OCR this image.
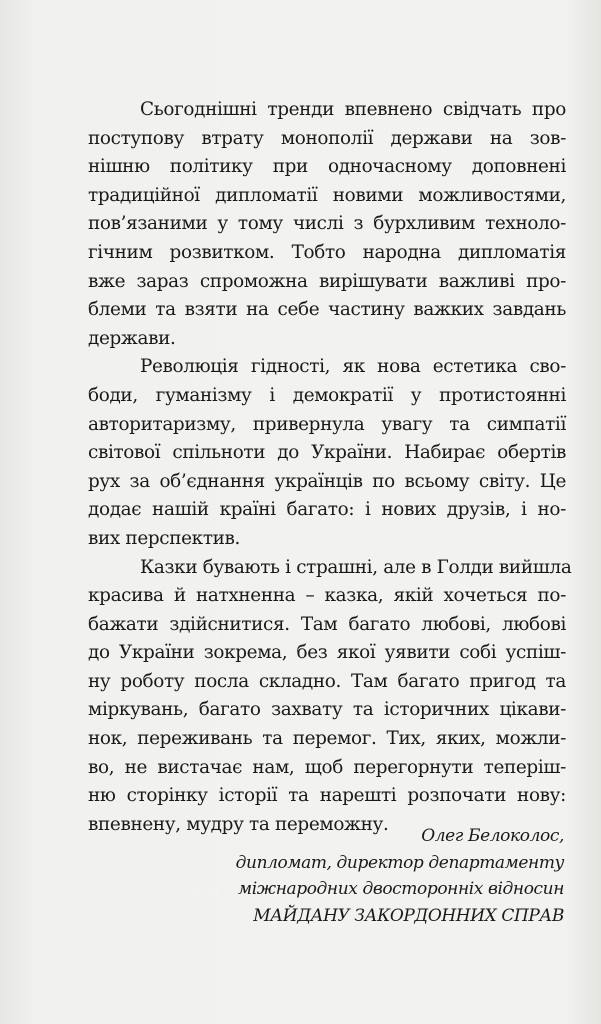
Сьогоднішні тренди впевнено свідчать про
поступову втрату монополії держави на зов-
нішню політику при одночасному доповнені
традиційної дипломатії новими можливостями,
пов’язаними у тому числі з бурхливим техноло-
гічним розвитком. Тобто народна дипломатія
вже зараз спроможна вирішувати важливі про-
блеми та взяти на себе частину важких завдань
держави.
Революція гідності, як нова естетика сво-
боди, гуманізму і демократії у протистоянні
авторитаризму, привернула увагу та симпатії
світової спільноти до України. Набирає обертів
рух за об’єднання українців по всьому світу. Це
додає нашій країні багато: і нових друзів, і но-
вих перспектив.
Казки бувають і страшні, але в Голди вийшла
красива й натхненна – казка, якій хочеться по-
бажати здійснитися. Там багато любові, любові
до України зокрема, без якої уявити собі успіш-
ну роботу посла складно. Там багато пригод та
міркувань, багато захвату та історичних цікави-
нок, переживань та перемог. Тих, яких, можли-
во, не вистачає нам, щоб перегорнути теперіш-
ню сторінку історії та нарешті розпочати нову:
впевнену, мудру та переможну.
Олег Белоколос,
дипломат, директор департаменту
міжнародних двосторонніх відносин
МАЙДАНУ ЗАКОРДОННИХ СПРАВ
